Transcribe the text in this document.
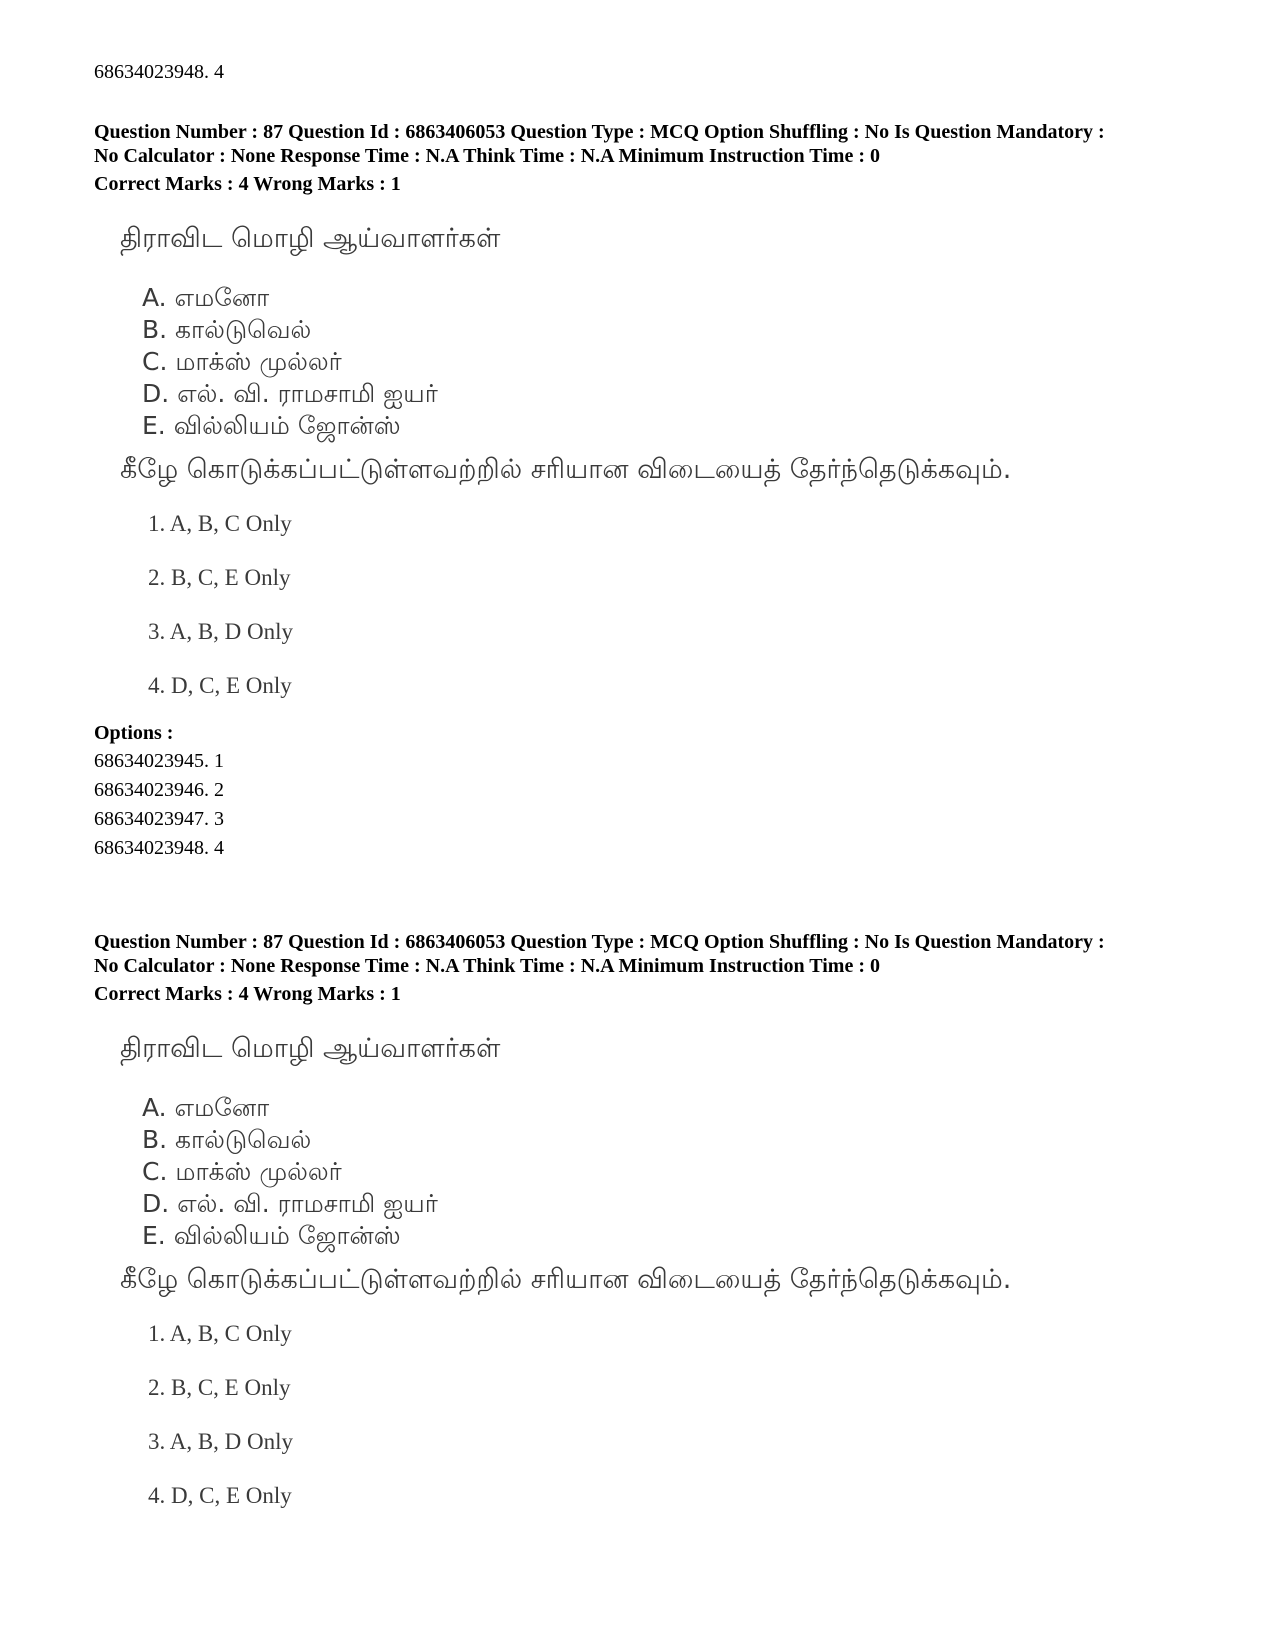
68634023948. 4
Question Number : 87 Question Id : 6863406053 Question Type : MCQ Option Shuffling : No Is Question Mandatory :
No Calculator : None Response Time : N.A Think Time : N.A Minimum Instruction Time : 0
Correct Marks : 4 Wrong Marks : 1
திராவிட மொழி ஆய்வாளர்கள்
A. எமனோ
B. கால்டுவெல்
C. மாக்ஸ் முல்லர்
D. எல். வி. ராமசாமி ஐயர்
E. வில்லியம் ஜோன்ஸ்
கீழே கொடுக்கப்பட்டுள்ளவற்றில் சரியான விடையைத் தேர்ந்தெடுக்கவும்.
1. A, B, C Only
2. B, C, E Only
3. A, B, D Only
4. D, C, E Only
Options :
68634023945. 1
68634023946. 2
68634023947. 3
68634023948. 4
Question Number : 87 Question Id : 6863406053 Question Type : MCQ Option Shuffling : No Is Question Mandatory :
No Calculator : None Response Time : N.A Think Time : N.A Minimum Instruction Time : 0
Correct Marks : 4 Wrong Marks : 1
திராவிட மொழி ஆய்வாளர்கள்
A. எமனோ
B. கால்டுவெல்
C. மாக்ஸ் முல்லர்
D. எல். வி. ராமசாமி ஐயர்
E. வில்லியம் ஜோன்ஸ்
கீழே கொடுக்கப்பட்டுள்ளவற்றில் சரியான விடையைத் தேர்ந்தெடுக்கவும்.
1. A, B, C Only
2. B, C, E Only
3. A, B, D Only
4. D, C, E Only
